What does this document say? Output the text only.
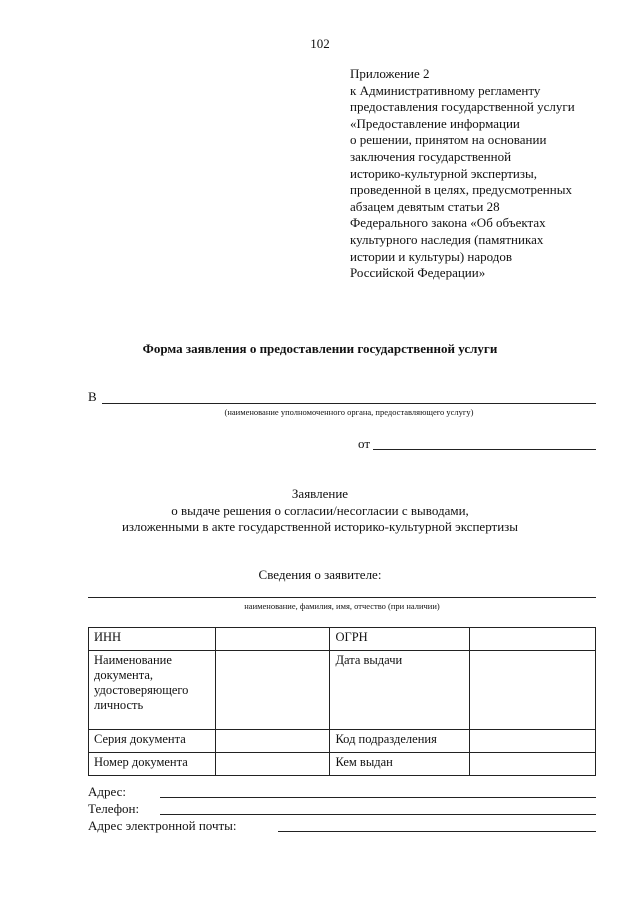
102
Приложение 2
к Административному регламенту
предоставления государственной услуги
«Предоставление информации
о решении, принятом на основании
заключения государственной
историко-культурной экспертизы,
проведенной в целях, предусмотренных
абзацем девятым статьи 28
Федерального закона «Об объектах
культурного наследия (памятниках
истории и культуры) народов
Российской Федерации»
Форма заявления о предоставлении государственной услуги
В
(наименование уполномоченного органа, предоставляющего услугу)
от
Заявление
о выдаче решения о согласии/несогласии с выводами,
изложенными в акте государственной историко-культурной экспертизы
Сведения о заявителе:
наименование, фамилия, имя, отчество (при наличии)
ИНН		ОГРН	
Наименование документа, удостоверяющего личность		Дата выдачи	
Серия документа		Код подразделения	
Номер документа		Кем выдан	
Адрес:
Телефон:
Адрес электронной почты:
